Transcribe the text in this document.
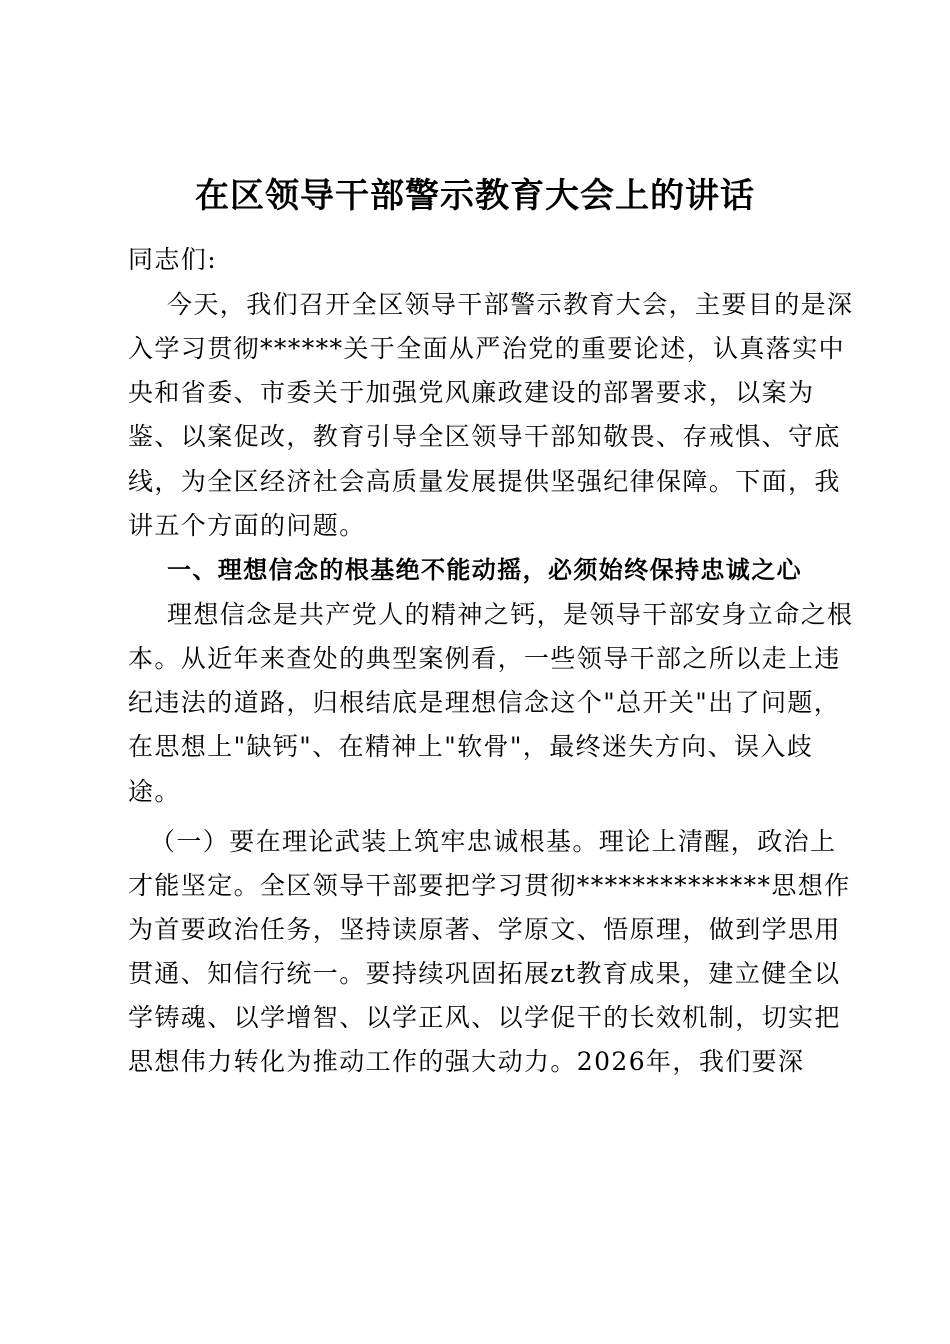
在区领导干部警示教育大会上的讲话
同志们:
今天，我们召开全区领导干部警示教育大会，主要目的是深
入学习贯彻******关于全面从严治党的重要论述，认真落实中
央和省委、市委关于加强党风廉政建设的部署要求，以案为
鉴、以案促改，教育引导全区领导干部知敬畏、存戒惧、守底
线，为全区经济社会高质量发展提供坚强纪律保障。下面，我
讲五个方面的问题。
一、理想信念的根基绝不能动摇，必须始终保持忠诚之心
理想信念是共产党人的精神之钙，是领导干部安身立命之根
本。从近年来查处的典型案例看，一些领导干部之所以走上违
纪违法的道路，归根结底是理想信念这个"总开关"出了问题，
在思想上"缺钙"、在精神上"软骨"，最终迷失方向、误入歧
途。
（一）要在理论武装上筑牢忠诚根基。理论上清醒，政治上
才能坚定。全区领导干部要把学习贯彻**************思想作
为首要政治任务，坚持读原著、学原文、悟原理，做到学思用
贯通、知信行统一。要持续巩固拓展zt教育成果，建立健全以
学铸魂、以学增智、以学正风、以学促干的长效机制，切实把
思想伟力转化为推动工作的强大动力。2026年，我们要深
